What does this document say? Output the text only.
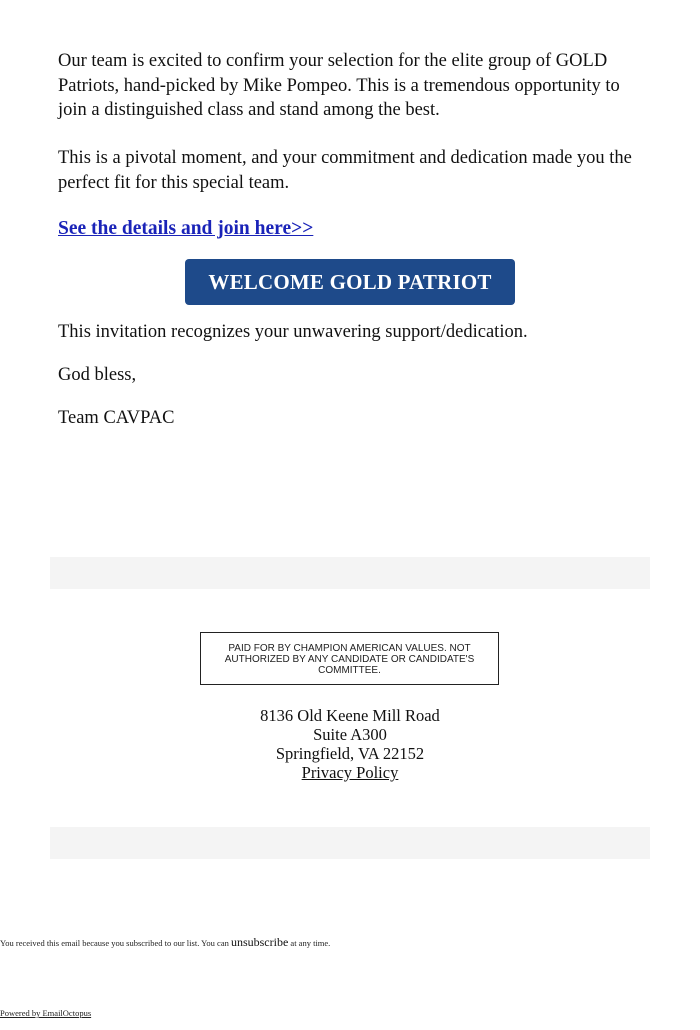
Our team is excited to confirm your selection for the elite group of GOLD Patriots, hand-picked by Mike Pompeo. This is a tremendous opportunity to join a distinguished class and stand among the best.

This is a pivotal moment, and your commitment and dedication made you the perfect fit for this special team.

See the details and join here>>
WELCOME GOLD PATRIOT

This invitation recognizes your unwavering support/dedication.

God bless,

Team CAVPAC

PAID FOR BY CHAMPION AMERICAN VALUES. NOT AUTHORIZED BY ANY CANDIDATE OR CANDIDATE'S COMMITTEE.
8136 Old Keene Mill Road
Suite A300
Springfield, VA 22152
Privacy Policy
You received this email because you subscribed to our list. You can unsubscribe at any time.
Powered by EmailOctopus
